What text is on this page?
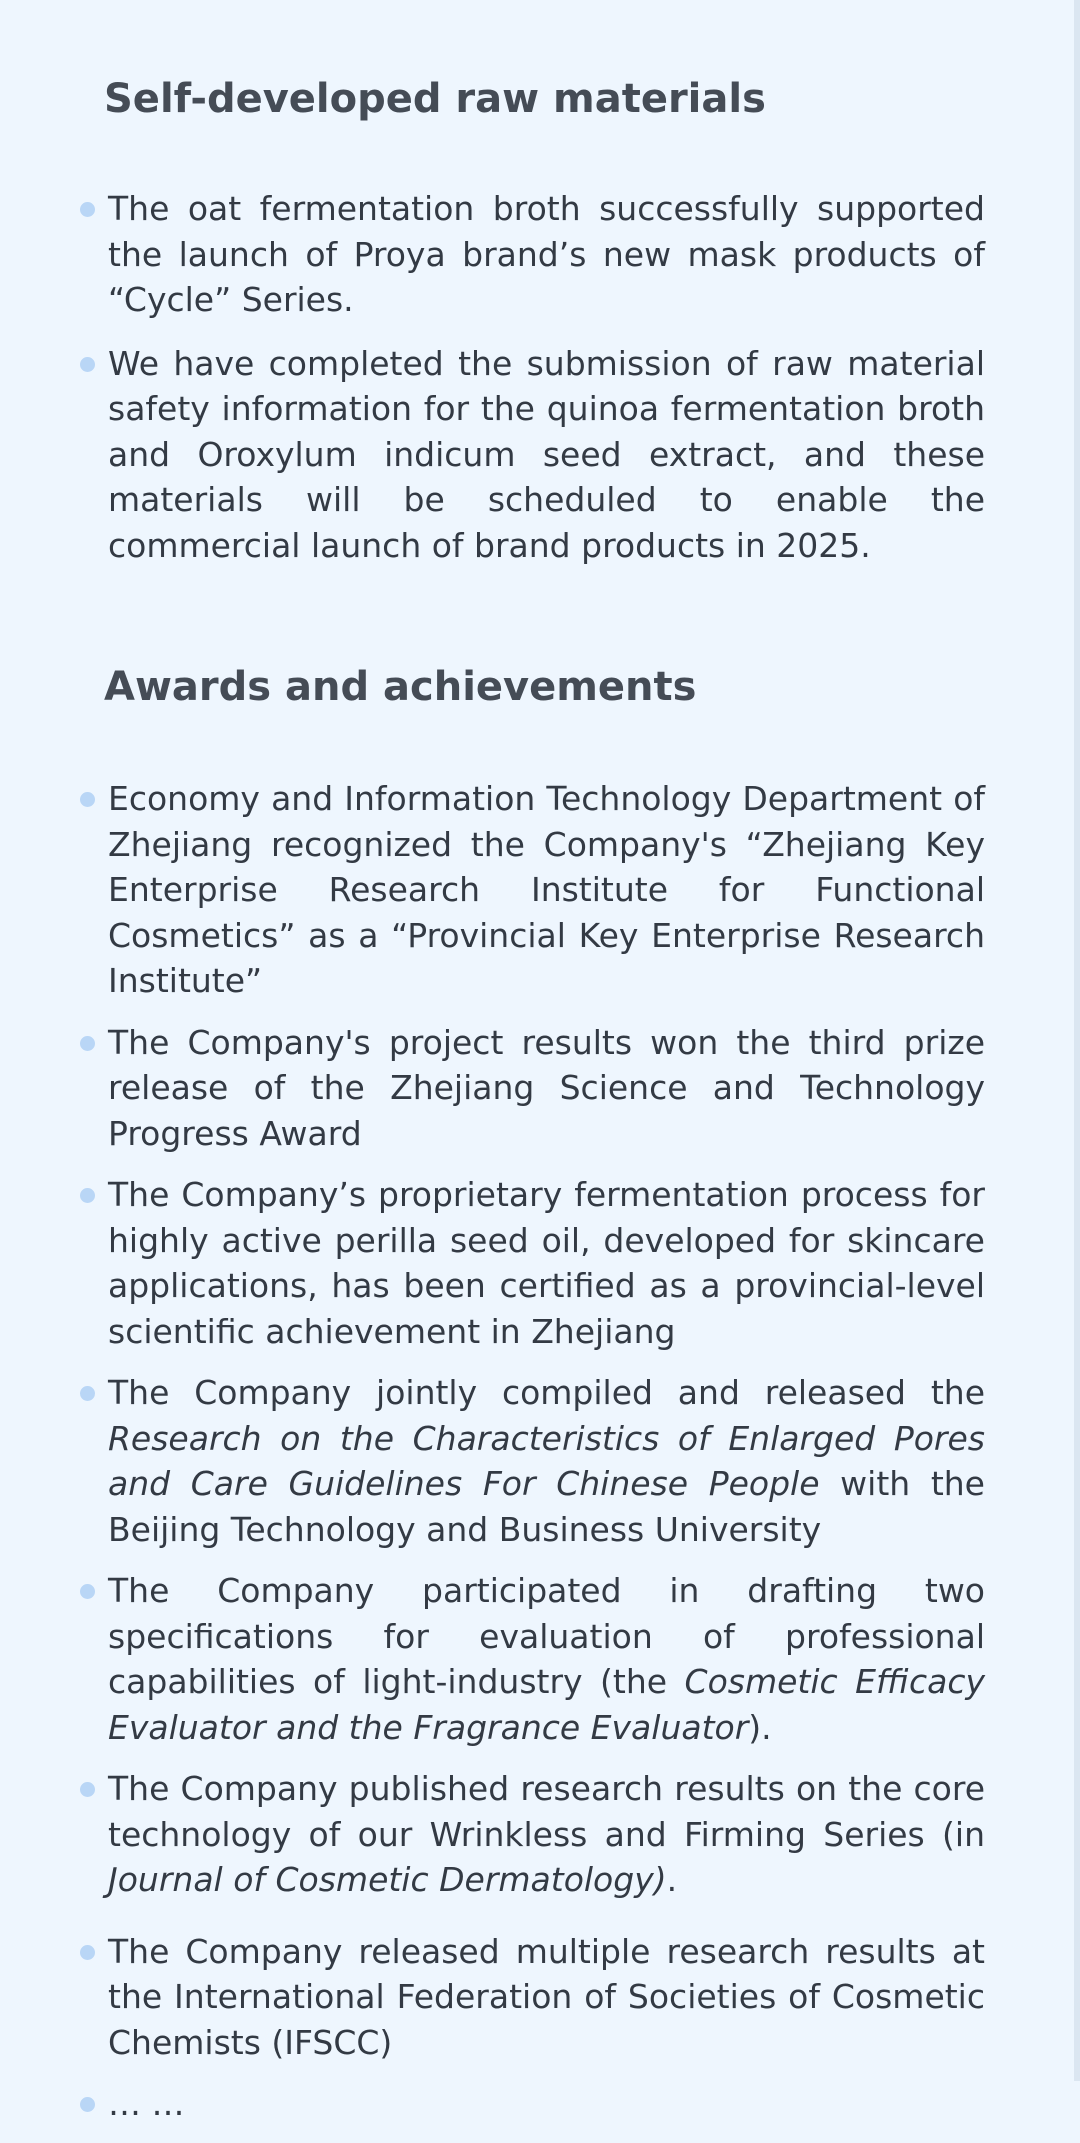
Self-developed raw materials
The oat fermentation broth successfully supported the launch of Proya brand’s new mask products of “Cycle” Series.
We have completed the submission of raw material safety information for the quinoa fermentation broth and Oroxylum indicum seed extract, and these materials will be scheduled to enable the commercial launch of brand products in 2025.
Awards and achievements
Economy and Information Technology Department of Zhejiang recognized the Company's “Zhejiang Key Enterprise Research Institute for Functional Cosmetics” as a “Provincial Key Enterprise Research Institute”
The Company's project results won the third prize release of the Zhejiang Science and Technology Progress Award
The Company’s proprietary fermentation process for highly active perilla seed oil, developed for skincare applications, has been certified as a provincial-level scientific achievement in Zhejiang
The Company jointly compiled and released the Research on the Characteristics of Enlarged Pores and Care Guidelines For Chinese People with the Beijing Technology and Business University
The Company participated in drafting two specifications for evaluation of professional capabilities of light-industry (the Cosmetic Efficacy Evaluator and the Fragrance Evaluator).
The Company published research results on the core technology of our Wrinkless and Firming Series (in Journal of Cosmetic Dermatology).
The Company released multiple research results at the International Federation of Societies of Cosmetic Chemists (IFSCC)
… …
